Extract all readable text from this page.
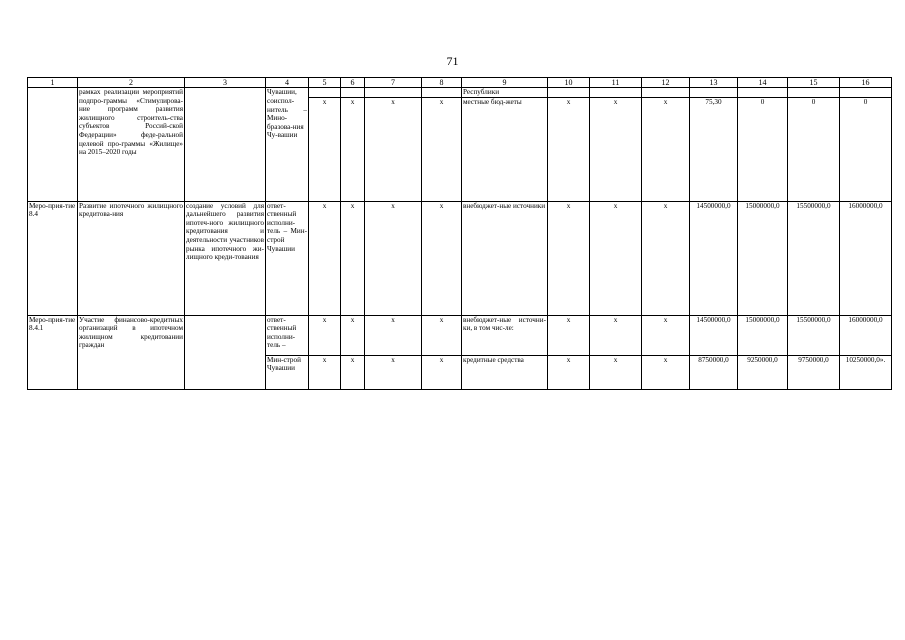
71
1	2	3	4	5	6	7	8	9	10	11	12	13	14	15	16
	рамках реализации мероприятий подпро-граммы «Стимулирова-ние программ развития жилищного строитель-ства субъектов Россий-ской Федерации» феде-ральной целевой про-граммы «Жилище» на 2015–2020 годы		Чувашии,					Республики							
			соиспол-нитель – Мино-бразова-ния Чу-вашии	x	x	x	x	местные бюд-жеты	x	x	x	75,30	0	0	0
Меро-прия-тие 8.4	Развитие ипотечного жилищного кредитова-ния	создание условий для дальнейшего развития ипотеч-ного жилищного кредитования и деятельности участников рынка ипотечного жи-лищного креди-тования	ответ-ственный исполни-тель – Мин-строй Чувашии	x	x	x	x	внебюджет-ные источники	x	x	x	14500000,0	15000000,0	15500000,0	16000000,0
Меро-прия-тие 8.4.1	Участие финансово-кредитных организаций в ипотечном жилищном кредитовании граждан		ответ-ственный исполни-тель –	x	x	x	x	внебюджет-ные источни-ки, в том чис-ле:	x	x	x	14500000,0	15000000,0	15500000,0	16000000,0
			Мин-строй Чувашии	x	x	x	x	кредитные средства	x	x	x	8750000,0	9250000,0	9750000,0	10250000,0».
